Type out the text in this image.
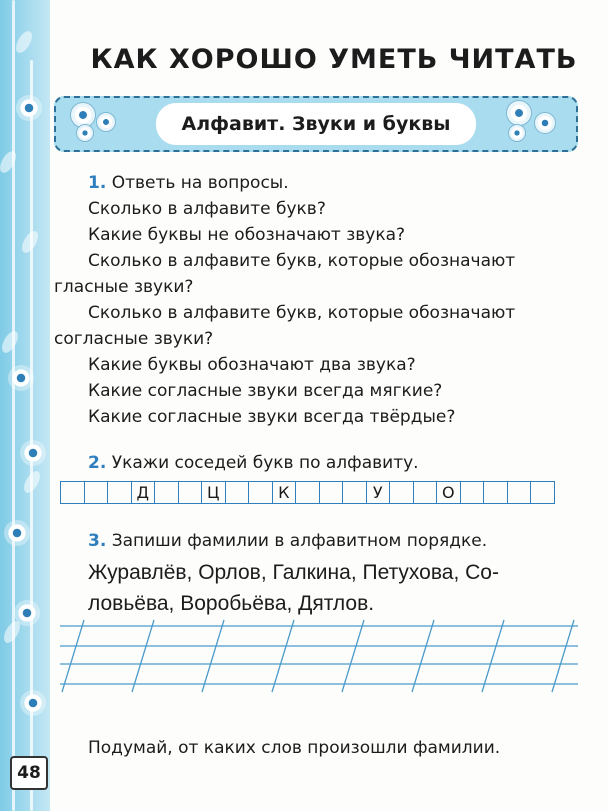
48
КАК ХОРОШО УМЕТЬ ЧИТАТЬ
Алфавит. Звуки и буквы
1. Ответь на вопросы.
Сколько в алфавите букв?
Какие буквы не обозначают звука?
Сколько в алфавите букв, которые обозначают
гласные звуки?
Сколько в алфавите букв, которые обозначают
согласные звуки?
Какие буквы обозначают два звука?
Какие согласные звуки всегда мягкие?
Какие согласные звуки всегда твёрдые?
2. Укажи соседей букв по алфавиту.
Д	Ц	К	У	О
3. Запиши фамилии в алфавитном порядке.
Журавлёв, Орлов, Галкина, Петухова, Со-
ловьёва, Воробьёва, Дятлов.
Подумай, от каких слов произошли фамилии.
